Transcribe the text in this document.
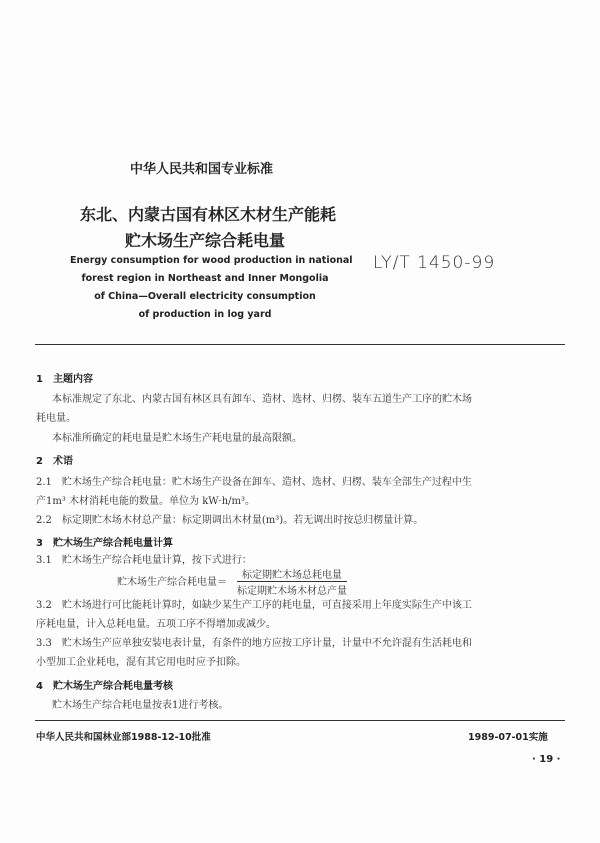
中华人民共和国专业标准
东北、内蒙古国有林区木材生产能耗
贮木场生产综合耗电量
Energy consumption for wood production in national
forest region in Northeast and Inner Mongolia
of China—Overall electricity consumption
of production in log yard
LY/T 1450-99
1　主题内容
本标准规定了东北、内蒙古国有林区具有卸车、造材、选材、归楞、装车五道生产工序的贮木场
耗电量。
本标准所确定的耗电量是贮木场生产耗电量的最高限额。
2　术语
2.1　贮木场生产综合耗电量：贮木场生产设备在卸车、造材、选材、归楞、装车全部生产过程中生
产1m³ 木材消耗电能的数量。单位为 kW·h/m³。
2.2　标定期贮木场木材总产量：标定期调出木材量(m³)。若无调出时按总归楞量计算。
3　贮木场生产综合耗电量计算
3.1　贮木场生产综合耗电量计算，按下式进行：
贮木场生产综合耗电量＝
标定期贮木场总耗电量
标定期贮木场木材总产量
3.2　贮木场进行可比能耗计算时，如缺少某生产工序的耗电量，可直接采用上年度实际生产中该工
序耗电量，计入总耗电量。五项工序不得增加或减少。
3.3　贮木场生产应单独安装电表计量，有条件的地方应按工序计量，计量中不允许混有生活耗电和
小型加工企业耗电，混有其它用电时应予扣除。
4　贮木场生产综合耗电量考核
贮木场生产综合耗电量按表1进行考核。
中华人民共和国林业部1988-12-10批准	1989-07-01实施
· 19 ·
